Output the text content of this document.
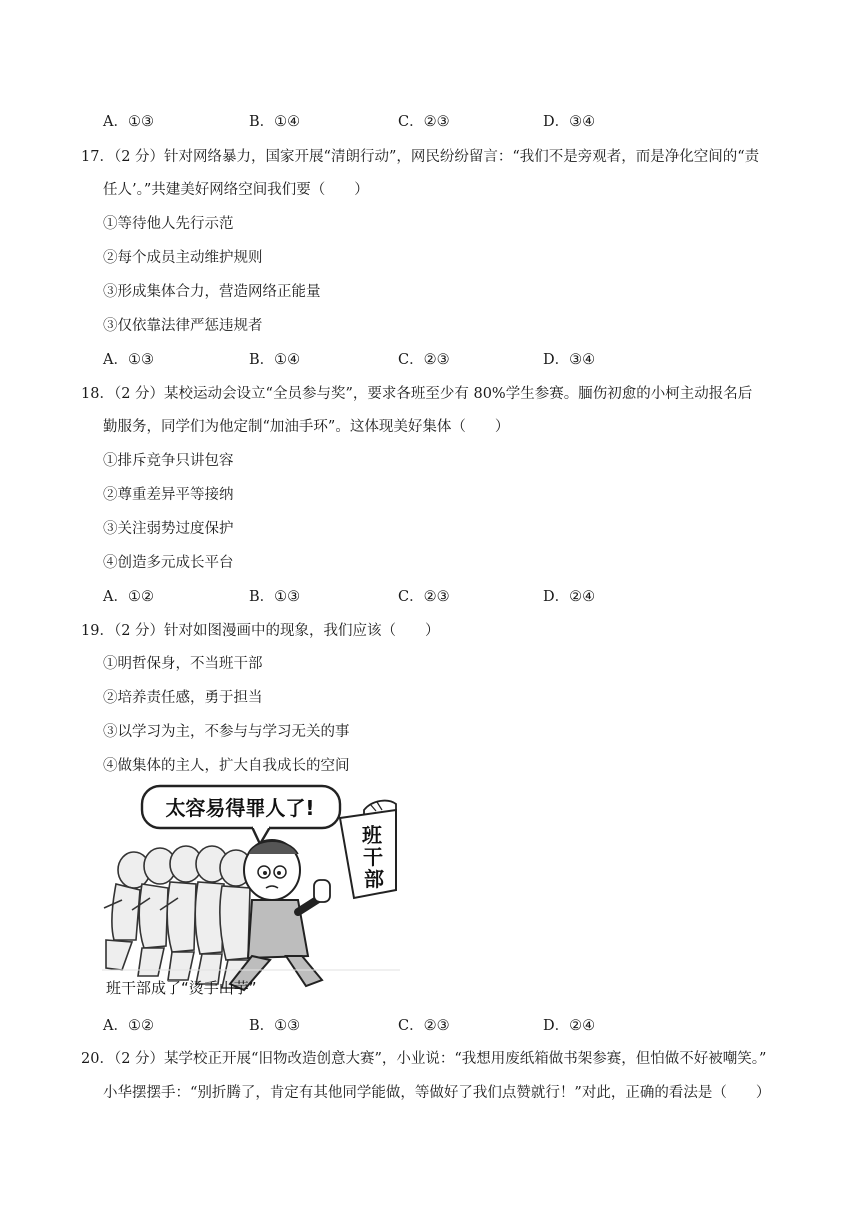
A．①③	B．①④	C．②③	D．③④
17．（2 分）针对网络暴力，国家开展“清朗行动”，网民纷纷留言：“我们不是旁观者，而是净化空间的“责
任人’。”共建美好网络空间我们要（　　）
①等待他人先行示范
②每个成员主动维护规则
③形成集体合力，营造网络正能量
③仅依靠法律严惩违规者
A．①③	B．①④	C．②③	D．③④
18．（2 分）某校运动会设立“全员参与奖”，要求各班至少有 80%学生参赛。腼伤初愈的小柯主动报名后
勤服务，同学们为他定制“加油手环”。这体现美好集体（　　）
①排斥竞争只讲包容
②尊重差异平等接纳
③关注弱势过度保护
④创造多元成长平台
A．①②	B．①③	C．②③	D．②④
19．（2 分）针对如图漫画中的现象，我们应该（　　）
①明哲保身，不当班干部
②培养责任感，勇于担当
③以学习为主，不参与与学习无关的事
④做集体的主人，扩大自我成长的空间
太容易得罪人了!
班
干
部
班干部成了“烫手山芋”
A．①②	B．①③	C．②③	D．②④
20．（2 分）某学校正开展“旧物改造创意大赛”，小业说：“我想用废纸箱做书架参赛，但怕做不好被嘲笑。”
小华摆摆手：“别折腾了，肯定有其他同学能做，等做好了我们点赞就行！”对此，正确的看法是（　　）
